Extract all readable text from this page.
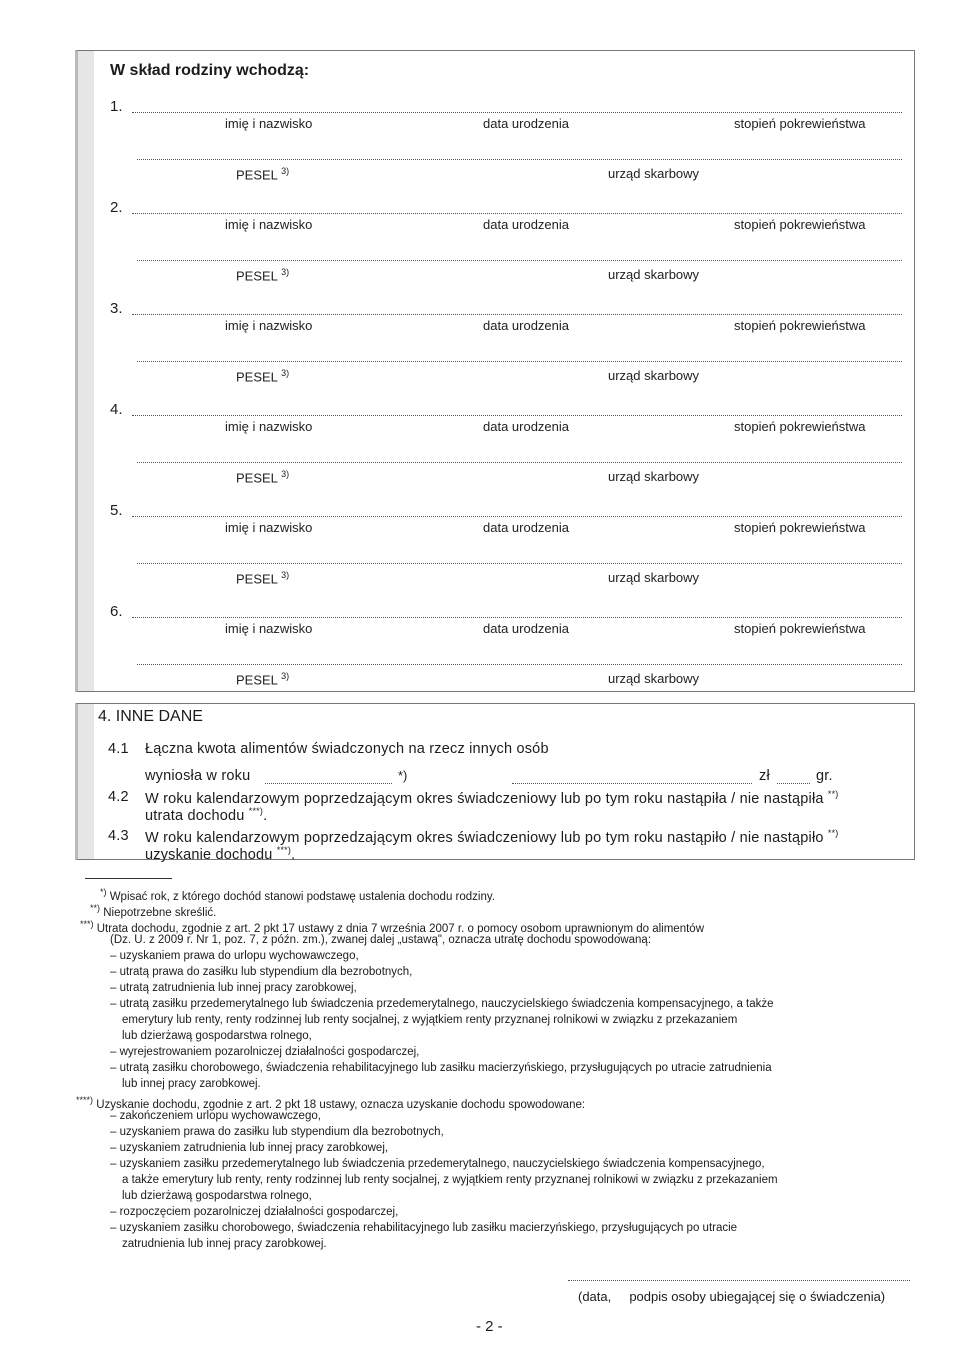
W skład rodziny wchodzą:
1.
imię i nazwisko	data urodzenia	stopień pokrewieństwa
PESEL $^{3)}$	urząd skarbowy
2.
imię i nazwisko	data urodzenia	stopień pokrewieństwa
PESEL $^{3)}$	urząd skarbowy
3.
imię i nazwisko	data urodzenia	stopień pokrewieństwa
PESEL $^{3)}$	urząd skarbowy
4.
imię i nazwisko	data urodzenia	stopień pokrewieństwa
PESEL $^{3)}$	urząd skarbowy
5.
imię i nazwisko	data urodzenia	stopień pokrewieństwa
PESEL $^{3)}$	urząd skarbowy
6.
imię i nazwisko	data urodzenia	stopień pokrewieństwa
PESEL $^{3)}$	urząd skarbowy
4. INNE DANE
4.1 Łączna kwota alimentów świadczonych na rzecz innych osób
wyniosła w roku	*)	zł	gr.
4.2 W roku kalendarzowym poprzedzającym okres świadczeniowy lub po tym roku nastąpiła / nie nastąpiła **)
utrata dochodu ***).
4.3 W roku kalendarzowym poprzedzającym okres świadczeniowy lub po tym roku nastąpiło / nie nastąpiło **)
uzyskanie dochodu ***).
*) Wpisać rok, z którego dochód stanowi podstawę ustalenia dochodu rodziny.
**) Niepotrzebne skreślić.
***) Utrata dochodu, zgodnie z art. 2 pkt 17 ustawy z dnia 7 września 2007 r. o pomocy osobom uprawnionym do alimentów
(Dz. U. z 2009 r. Nr 1, poz. 7, z późn. zm.), zwanej dalej „ustawą", oznacza utratę dochodu spowodowaną:
– uzyskaniem prawa do urlopu wychowawczego,
– utratą prawa do zasiłku lub stypendium dla bezrobotnych,
– utratą zatrudnienia lub innej pracy zarobkowej,
– utratą zasiłku przedemerytalnego lub świadczenia przedemerytalnego, nauczycielskiego świadczenia kompensacyjnego, a także
emerytury lub renty, renty rodzinnej lub renty socjalnej, z wyjątkiem renty przyznanej rolnikowi w związku z przekazaniem
lub dzierżawą gospodarstwa rolnego,
– wyrejestrowaniem pozarolniczej działalności gospodarczej,
– utratą zasiłku chorobowego, świadczenia rehabilitacyjnego lub zasiłku macierzyńskiego, przysługujących po utracie zatrudnienia
lub innej pracy zarobkowej.
****) Uzyskanie dochodu, zgodnie z art. 2 pkt 18 ustawy, oznacza uzyskanie dochodu spowodowane:
– zakończeniem urlopu wychowawczego,
– uzyskaniem prawa do zasiłku lub stypendium dla bezrobotnych,
– uzyskaniem zatrudnienia lub innej pracy zarobkowej,
– uzyskaniem zasiłku przedemerytalnego lub świadczenia przedemerytalnego, nauczycielskiego świadczenia kompensacyjnego,
a także emerytury lub renty, renty rodzinnej lub renty socjalnej, z wyjątkiem renty przyznanej rolnikowi w związku z przekazaniem
lub dzierżawą gospodarstwa rolnego,
– rozpoczęciem pozarolniczej działalności gospodarczej,
– uzyskaniem zasiłku chorobowego, świadczenia rehabilitacyjnego lub zasiłku macierzyńskiego, przysługujących po utracie
zatrudnienia lub innej pracy zarobkowej.
(data, podpis osoby ubiegającej się o świadczenia)
- 2 -
